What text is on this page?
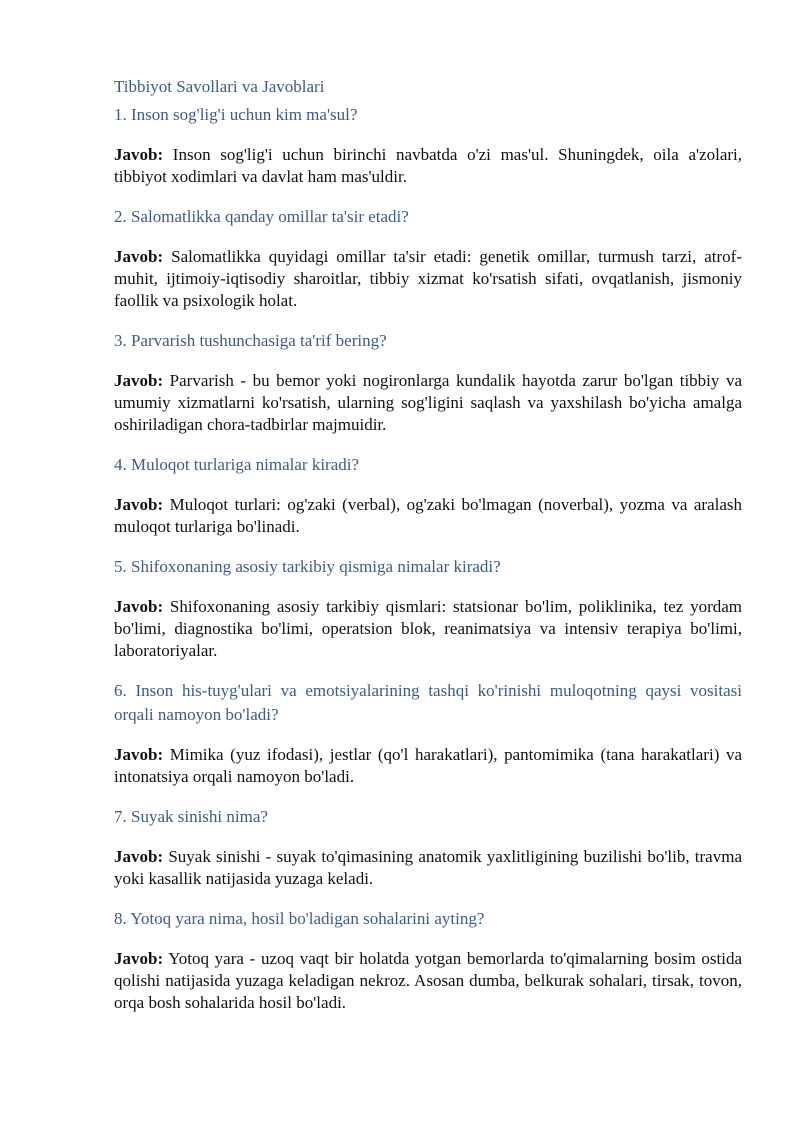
Tibbiyot Savollari va Javoblari

1. Inson sog'lig'i uchun kim ma'sul?

Javob: Inson sog'lig'i uchun birinchi navbatda o'zi mas'ul. Shuningdek, oila a'zolari, tibbiyot xodimlari va davlat ham mas'uldir.

2. Salomatlikka qanday omillar ta'sir etadi?

Javob: Salomatlikka quyidagi omillar ta'sir etadi: genetik omillar, turmush tarzi, atrof-muhit, ijtimoiy-iqtisodiy sharoitlar, tibbiy xizmat ko'rsatish sifati, ovqatlanish, jismoniy faollik va psixologik holat.

3. Parvarish tushunchasiga ta'rif bering?

Javob: Parvarish - bu bemor yoki nogironlarga kundalik hayotda zarur bo'lgan tibbiy va umumiy xizmatlarni ko'rsatish, ularning sog'ligini saqlash va yaxshilash bo'yicha amalga oshiriladigan chora-tadbirlar majmuidir.

4. Muloqot turlariga nimalar kiradi?

Javob: Muloqot turlari: og'zaki (verbal), og'zaki bo'lmagan (noverbal), yozma va aralash muloqot turlariga bo'linadi.

5. Shifoxonaning asosiy tarkibiy qismiga nimalar kiradi?

Javob: Shifoxonaning asosiy tarkibiy qismlari: statsionar bo'lim, poliklinika, tez yordam bo'limi, diagnostika bo'limi, operatsion blok, reanimatsiya va intensiv terapiya bo'limi, laboratoriyalar.

6. Inson his-tuyg'ulari va emotsiyalarining tashqi ko'rinishi muloqotning qaysi vositasi orqali namoyon bo'ladi?

Javob: Mimika (yuz ifodasi), jestlar (qo'l harakatlari), pantomimika (tana harakatlari) va intonatsiya orqali namoyon bo'ladi.

7. Suyak sinishi nima?

Javob: Suyak sinishi - suyak to'qimasining anatomik yaxlitligining buzilishi bo'lib, travma yoki kasallik natijasida yuzaga keladi.

8. Yotoq yara nima, hosil bo'ladigan sohalarini ayting?

Javob: Yotoq yara - uzoq vaqt bir holatda yotgan bemorlarda to'qimalarning bosim ostida qolishi natijasida yuzaga keladigan nekroz. Asosan dumba, belkurak sohalari, tirsak, tovon, orqa bosh sohalarida hosil bo'ladi.
